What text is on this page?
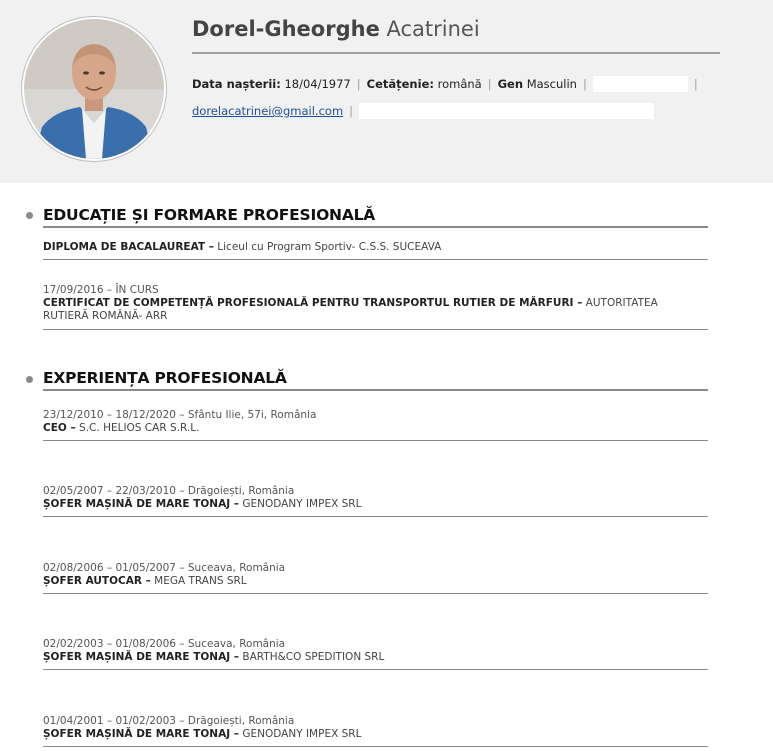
Dorel-Gheorghe Acatrinei
Data nașterii: 18/04/1977 | Cetățenie: română | Gen Masculin |	|
dorelacatrinei@gmail.com |
EDUCAȚIE ȘI FORMARE PROFESIONALĂ
DIPLOMA DE BACALAUREAT – Liceul cu Program Sportiv- C.S.S. SUCEAVA
17/09/2016 – ÎN CURS
CERTIFICAT DE COMPETENȚĂ PROFESIONALĂ PENTRU TRANSPORTUL RUTIER DE MĂRFURI – AUTORITATEA RUTIERĂ ROMÂNĂ- ARR
EXPERIENȚA PROFESIONALĂ
23/12/2010 – 18/12/2020 – Sfântu Ilie, 57i, România
CEO – S.C. HELIOS CAR S.R.L.
02/05/2007 – 22/03/2010 – Drăgoiești, România
ȘOFER MAȘINĂ DE MARE TONAJ – GENODANY IMPEX SRL
02/08/2006 – 01/05/2007 – Suceava, România
ȘOFER AUTOCAR – MEGA TRANS SRL
02/02/2003 – 01/08/2006 – Suceava, România
ȘOFER MAȘINĂ DE MARE TONAJ – BARTH&CO SPEDITION SRL
01/04/2001 – 01/02/2003 – Drăgoiești, România
ȘOFER MAȘINĂ DE MARE TONAJ – GENODANY IMPEX SRL
